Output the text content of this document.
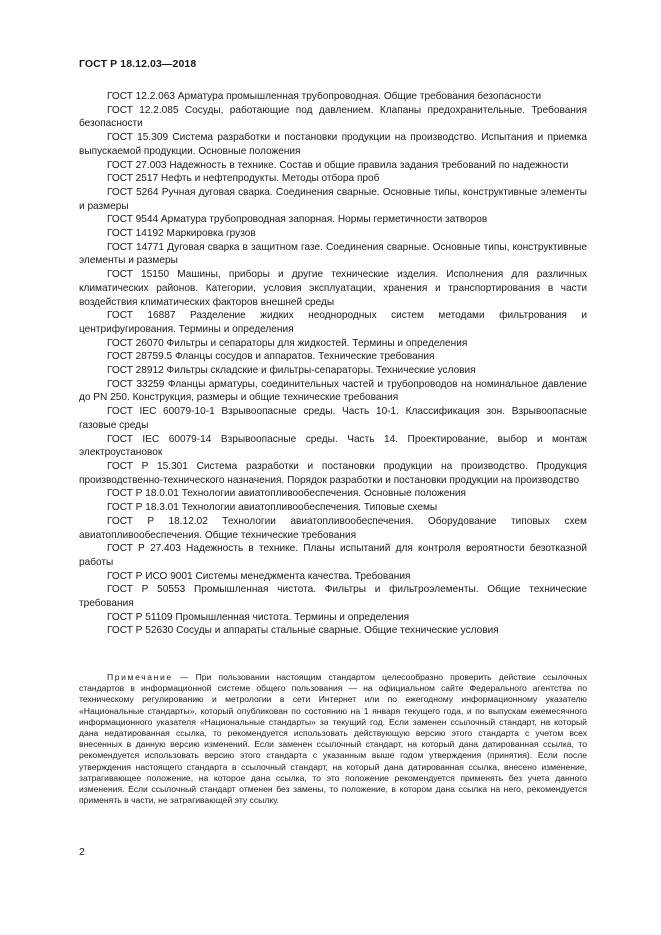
ГОСТ Р 18.12.03—2018

ГОСТ 12.2.063 Арматура промышленная трубопроводная. Общие требования безопасности

ГОСТ 12.2.085 Сосуды, работающие под давлением. Клапаны предохранительные. Требования безопасности

ГОСТ 15.309 Система разработки и постановки продукции на производство. Испытания и приемка выпускаемой продукции. Основные положения

ГОСТ 27.003 Надежность в технике. Состав и общие правила задания требований по надежности

ГОСТ 2517 Нефть и нефтепродукты. Методы отбора проб

ГОСТ 5264 Ручная дуговая сварка. Соединения сварные. Основные типы, конструктивные элементы и размеры

ГОСТ 9544 Арматура трубопроводная запорная. Нормы герметичности затворов

ГОСТ 14192 Маркировка грузов

ГОСТ 14771 Дуговая сварка в защитном газе. Соединения сварные. Основные типы, конструктивные элементы и размеры

ГОСТ 15150 Машины, приборы и другие технические изделия. Исполнения для различных климатических районов. Категории, условия эксплуатации, хранения и транспортирования в части воздействия климатических факторов внешней среды

ГОСТ 16887 Разделение жидких неоднородных систем методами фильтрования и центрифугирования. Термины и определения

ГОСТ 26070 Фильтры и сепараторы для жидкостей. Термины и определения

ГОСТ 28759.5 Фланцы сосудов и аппаратов. Технические требования

ГОСТ 28912 Фильтры складские и фильтры-сепараторы. Технические условия

ГОСТ 33259 Фланцы арматуры, соединительных частей и трубопроводов на номинальное давление до PN 250. Конструкция, размеры и общие технические требования

ГОСТ IEC 60079-10-1 Взрывоопасные среды. Часть 10-1. Классификация зон. Взрывоопасные газовые среды

ГОСТ IEC 60079-14 Взрывоопасные среды. Часть 14. Проектирование, выбор и монтаж электроустановок

ГОСТ Р 15.301 Система разработки и постановки продукции на производство. Продукция производственно-технического назначения. Порядок разработки и постановки продукции на производство

ГОСТ Р 18.0.01 Технологии авиатопливообеспечения. Основные положения

ГОСТ Р 18.3.01 Технологии авиатопливообеспечения. Типовые схемы

ГОСТ Р 18.12.02 Технологии авиатопливообеспечения. Оборудование типовых схем авиатопливообеспечения. Общие технические требования

ГОСТ Р 27.403 Надежность в технике. Планы испытаний для контроля вероятности безотказной работы

ГОСТ Р ИСО 9001 Системы менеджмента качества. Требования

ГОСТ Р 50553 Промышленная чистота. Фильтры и фильтроэлементы. Общие технические требования

ГОСТ Р 51109 Промышленная чистота. Термины и определения

ГОСТ Р 52630 Сосуды и аппараты стальные сварные. Общие технические условия

Примечание — При пользовании настоящим стандартом целесообразно проверить действие ссылочных стандартов в информационной системе общего пользования — на официальном сайте Федерального агентства по техническому регулированию и метрологии в сети Интернет или по ежегодному информационному указателю «Национальные стандарты», который опубликован по состоянию на 1 января текущего года, и по выпускам ежемесячного информационного указателя «Национальные стандарты» за текущий год. Если заменен ссылочный стандарт, на который дана недатированная ссылка, то рекомендуется использовать действующую версию этого стандарта с учетом всех внесенных в данную версию изменений. Если заменен ссылочный стандарт, на который дана датированная ссылка, то рекомендуется использовать версию этого стандарта с указанным выше годом утверждения (принятия). Если после утверждения настоящего стандарта в ссылочный стандарт, на который дана датированная ссылка, внесено изменение, затрагивающее положение, на которое дана ссылка, то это положение рекомендуется применять без учета данного изменения. Если ссылочный стандарт отменен без замены, то положение, в котором дана ссылка на него, рекомендуется применять в части, не затрагивающей эту ссылку.

2
